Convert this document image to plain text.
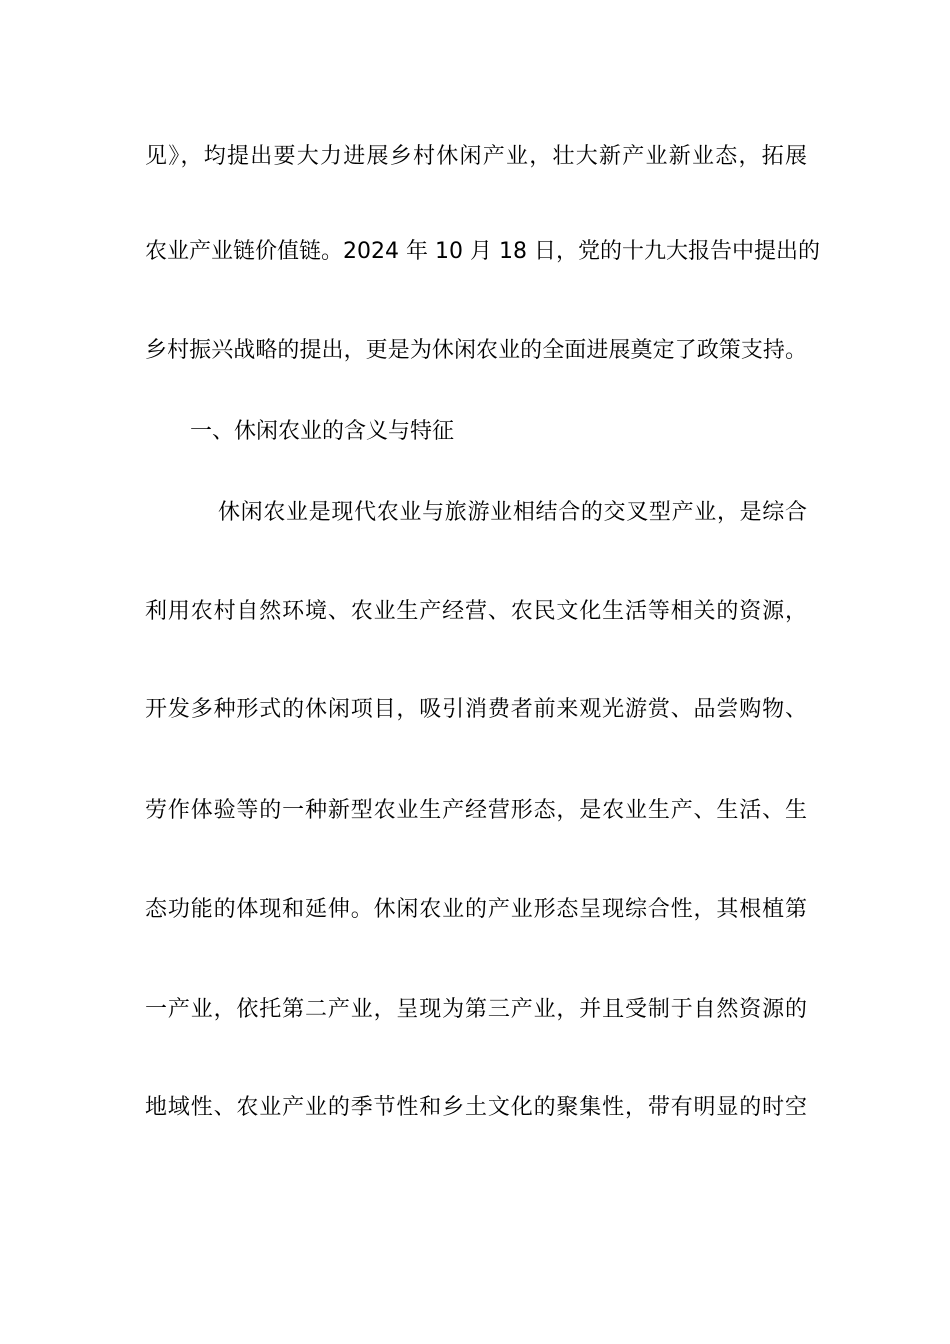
见》，均提出要大力进展乡村休闲产业，壮大新产业新业态，拓展
农业产业链价值链。2024 年 10 月 18 日，党的十九大报告中提出的
乡村振兴战略的提出，更是为休闲农业的全面进展奠定了政策支持。
一、休闲农业的含义与特征
休闲农业是现代农业与旅游业相结合的交叉型产业，是综合
利用农村自然环境、农业生产经营、农民文化生活等相关的资源，
开发多种形式的休闲项目，吸引消费者前来观光游赏、品尝购物、
劳作体验等的一种新型农业生产经营形态，是农业生产、生活、生
态功能的体现和延伸。休闲农业的产业形态呈现综合性，其根植第
一产业，依托第二产业，呈现为第三产业，并且受制于自然资源的
地域性、农业产业的季节性和乡土文化的聚集性，带有明显的时空
